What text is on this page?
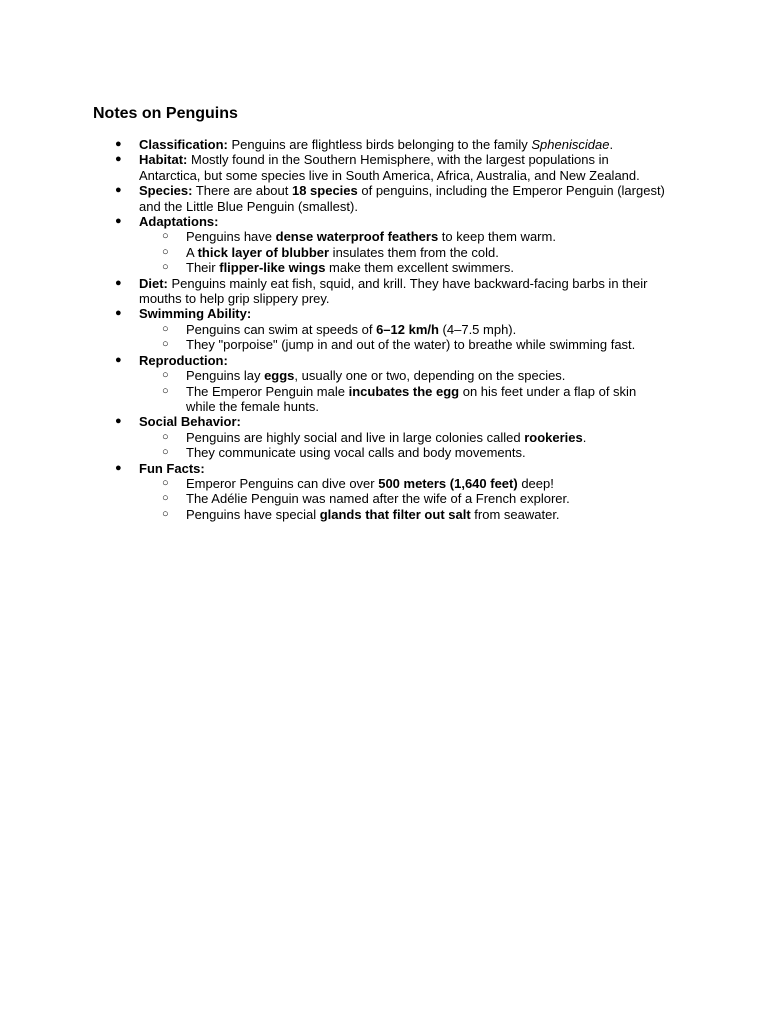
Notes on Penguins
●	Classification: Penguins are flightless birds belonging to the family Spheniscidae.
●	Habitat: Mostly found in the Southern Hemisphere, with the largest populations in Antarctica, but some species live in South America, Africa, Australia, and New Zealand.
●	Species: There are about 18 species of penguins, including the Emperor Penguin (largest) and the Little Blue Penguin (smallest).
●	Adaptations:
○	Penguins have dense waterproof feathers to keep them warm.
○	A thick layer of blubber insulates them from the cold.
○	Their flipper-like wings make them excellent swimmers.
●	Diet: Penguins mainly eat fish, squid, and krill. They have backward-facing barbs in their mouths to help grip slippery prey.
●	Swimming Ability:
○	Penguins can swim at speeds of 6–12 km/h (4–7.5 mph).
○	They "porpoise" (jump in and out of the water) to breathe while swimming fast.
●	Reproduction:
○	Penguins lay eggs, usually one or two, depending on the species.
○	The Emperor Penguin male incubates the egg on his feet under a flap of skin while the female hunts.
●	Social Behavior:
○	Penguins are highly social and live in large colonies called rookeries.
○	They communicate using vocal calls and body movements.
●	Fun Facts:
○	Emperor Penguins can dive over 500 meters (1,640 feet) deep!
○	The Adélie Penguin was named after the wife of a French explorer.
○	Penguins have special glands that filter out salt from seawater.
